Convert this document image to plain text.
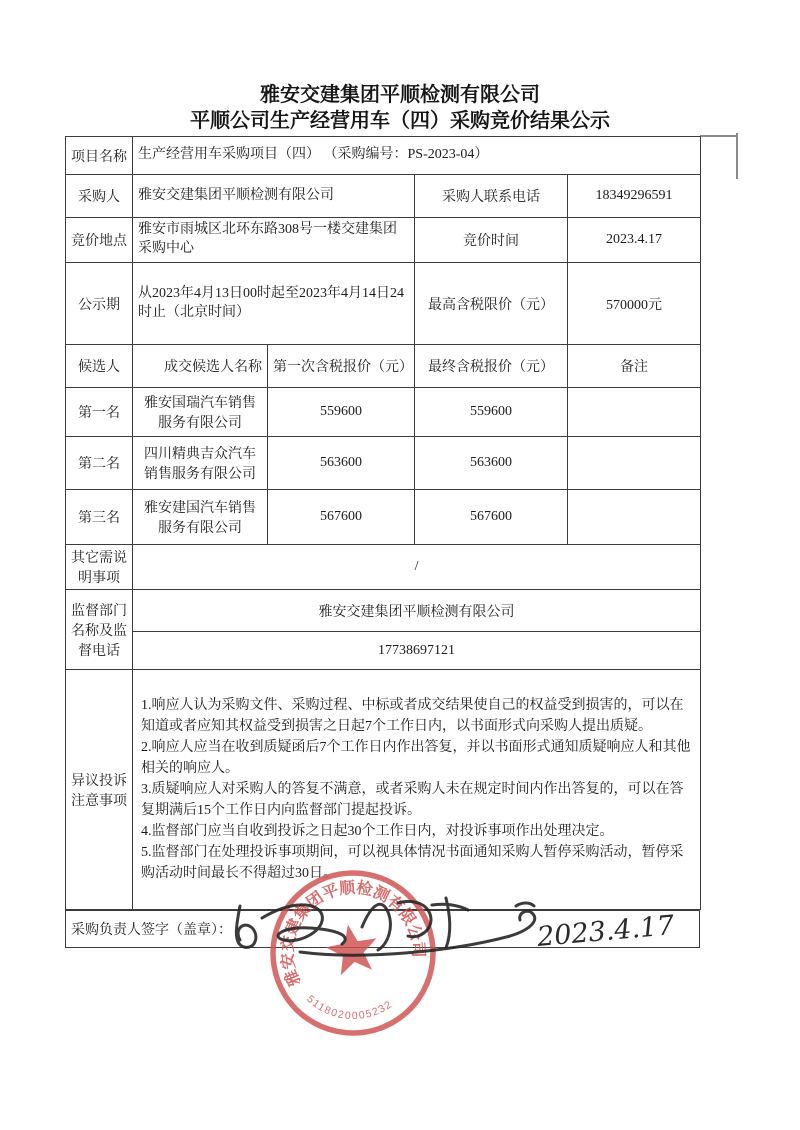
雅安交建集团平顺检测有限公司
平顺公司生产经营用车（四）采购竞价结果公示
项目名称	生产经营用车采购项目（四） （采购编号：PS-2023-04）			
采购人	雅安交建集团平顺检测有限公司		采购人联系电话	18349296591
竞价地点	雅安市雨城区北环东路308号一楼交建集团采购中心		竞价时间	2023.4.17
公示期	从2023年4月13日00时起至2023年4月14日24时止（北京时间）		最高含税限价（元）	570000元
候选人	成交候选人名称	第一次含税报价（元）	最终含税报价（元）	备注
第一名	雅安国瑞汽车销售服务有限公司	559600	559600	
第二名	四川精典吉众汽车销售服务有限公司	563600	563600	
第三名	雅安建国汽车销售服务有限公司	567600	567600	
其它需说明事项	/			
监督部门名称及监督电话	雅安交建集团平顺检测有限公司			
	17738697121			
异议投诉注意事项	1.响应人认为采购文件、采购过程、中标或者成交结果使自己的权益受到损害的，可以在知道或者应知其权益受到损害之日起7个工作日内，以书面形式向采购人提出质疑。
2.响应人应当在收到质疑函后7个工作日内作出答复，并以书面形式通知质疑响应人和其他相关的响应人。
3.质疑响应人对采购人的答复不满意，或者采购人未在规定时间内作出答复的，可以在答复期满后15个工作日内向监督部门提起投诉。
4.监督部门应当自收到投诉之日起30个工作日内，对投诉事项作出处理决定。
5.监督部门在处理投诉事项期间，可以视具体情况书面通知采购人暂停采购活动，暂停采购活动时间最长不得超过30日。			
采购负责人签字（盖章）：
雅安交建集团平顺检测有限公司
5118020005232
2023.4.17
